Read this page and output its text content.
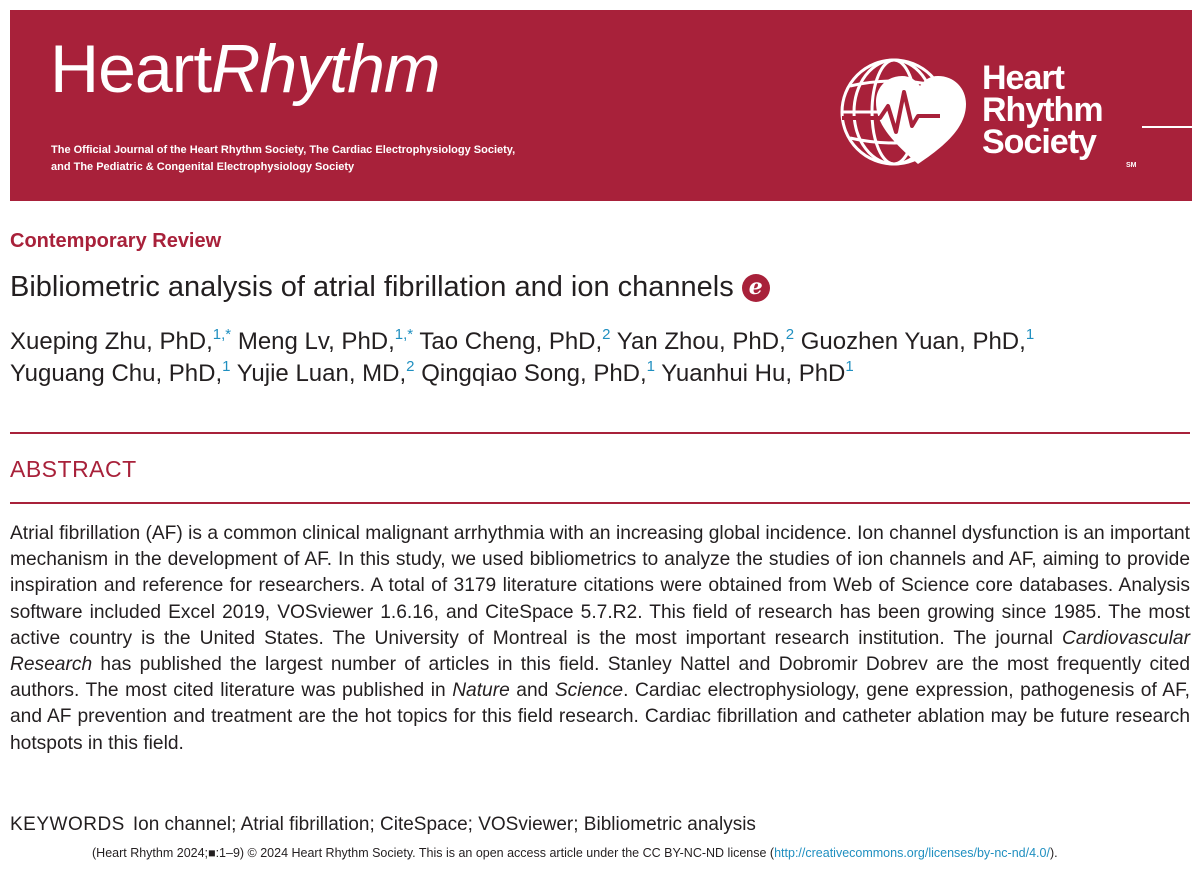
HeartRhythm
The Official Journal of the Heart Rhythm Society, The Cardiac Electrophysiology Society,
and The Pediatric & Congenital Electrophysiology Society
Heart
Rhythm
Society
SM
Contemporary Review
Bibliometric analysis of atrial fibrillation and ion channels e
Xueping Zhu, PhD,$^{1,*}$ Meng Lv, PhD,$^{1,*}$ Tao Cheng, PhD,$^2$ Yan Zhou, PhD,$^2$ Guozhen Yuan, PhD,$^1$
Yuguang Chu, PhD,$^1$ Yujie Luan, MD,$^2$ Qingqiao Song, PhD,$^1$ Yuanhui Hu, PhD$^1$
ABSTRACT
Atrial fibrillation (AF) is a common clinical malignant arrhythmia with an increasing global incidence. Ion channel dysfunction is an important mechanism in the development of AF. In this study, we used bibliometrics to analyze the studies of ion channels and AF, aiming to provide inspiration and reference for researchers. A total of 3179 literature citations were obtained from Web of Science core databases. Analysis software included Excel 2019, VOSviewer 1.6.16, and CiteSpace 5.7.R2. This field of research has been growing since 1985. The most active country is the United States. The University of Montreal is the most important research institution. The journal Cardiovascular Research has published the largest number of articles in this field. Stanley Nattel and Dobromir Dobrev are the most frequently cited authors. The most cited literature was published in Nature and Science. Cardiac electrophysiology, gene expression, pathogenesis of AF, and AF prevention and treatment are the hot topics for this field research. Cardiac fibrillation and catheter ablation may be future research hotspots in this field.
KEYWORDS Ion channel; Atrial fibrillation; CiteSpace; VOSviewer; Bibliometric analysis
(Heart Rhythm 2024;■:1–9) © 2024 Heart Rhythm Society. This is an open access article under the CC BY-NC-ND license (http://creativecommons.org/licenses/by-nc-nd/4.0/).
